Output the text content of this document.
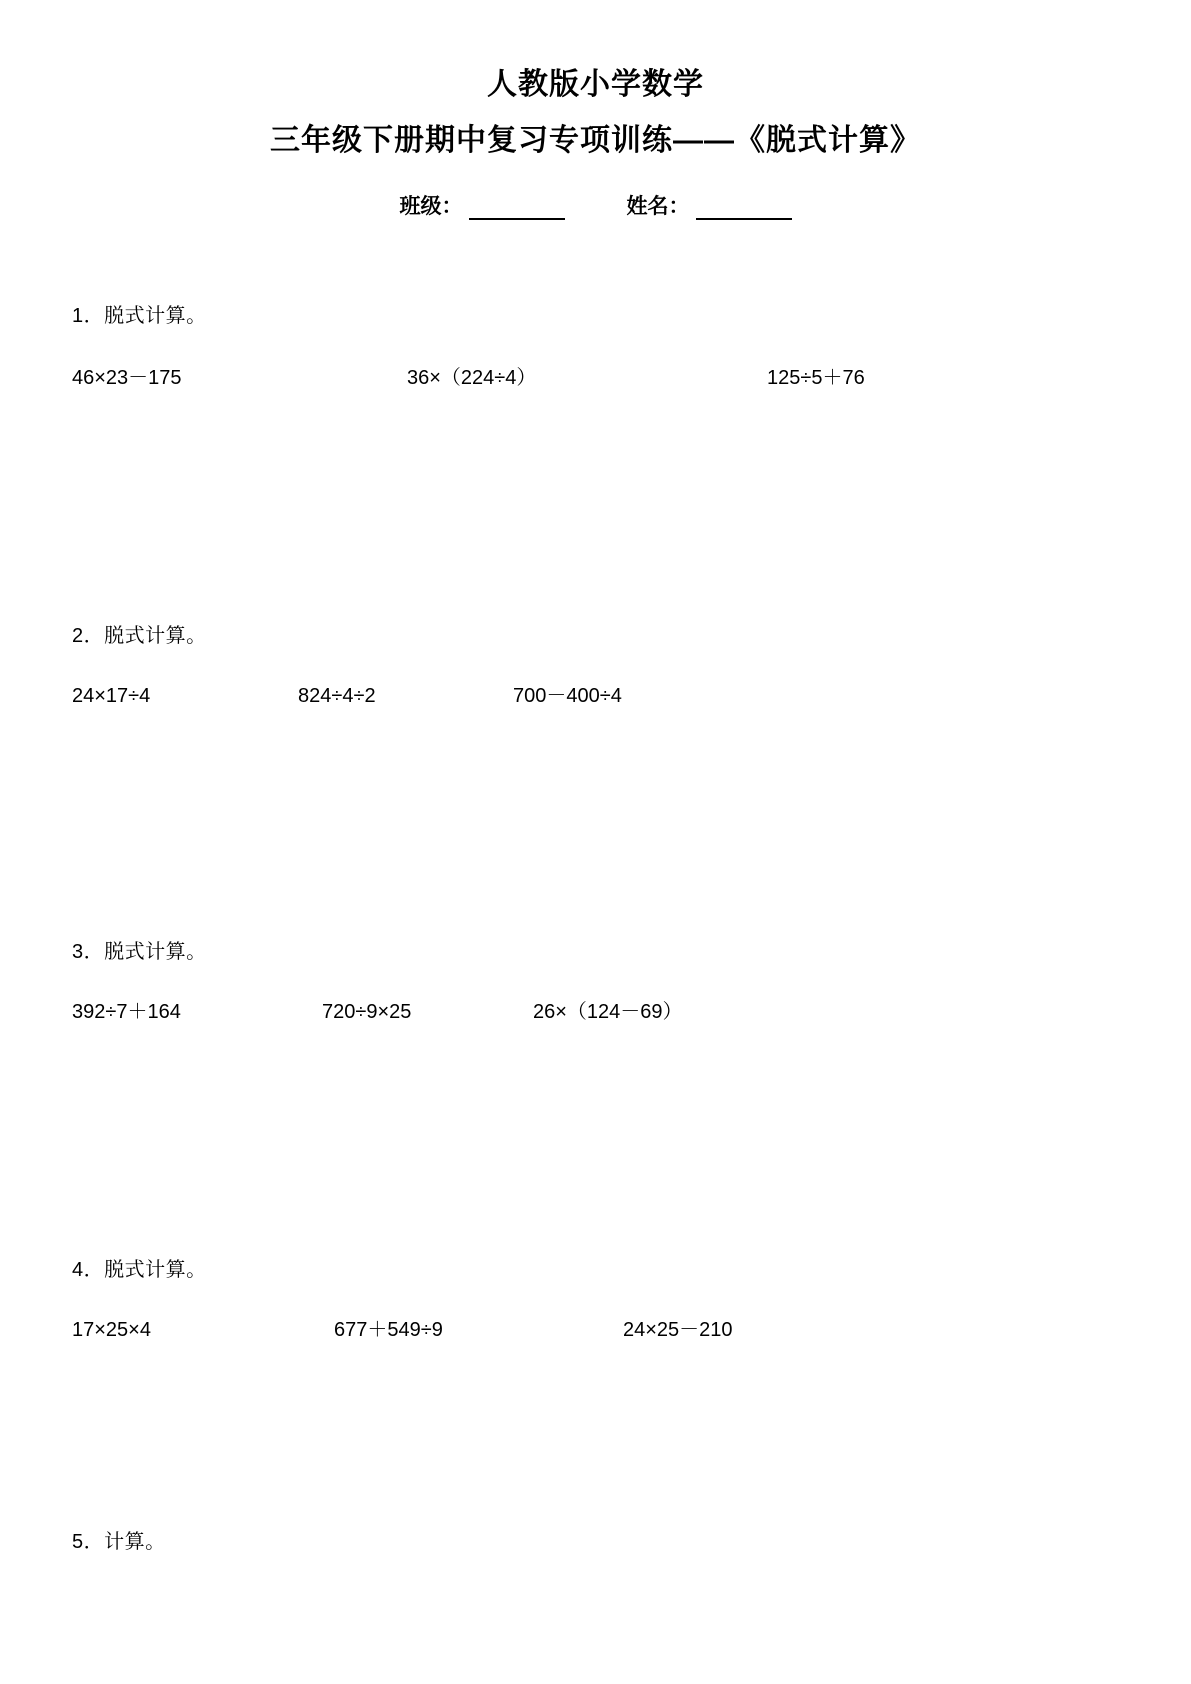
人教版小学数学
三年级下册期中复习专项训练——《脱式计算》
班级：	姓名：
1．脱式计算。
46×23－175	36×（224÷4）	125÷5＋76
2．脱式计算。
24×17÷4	824÷4÷2	700－400÷4
3．脱式计算。
392÷7＋164	720÷9×25	26×（124－69）
4．脱式计算。
17×25×4	677＋549÷9	24×25－210
5．计算。
